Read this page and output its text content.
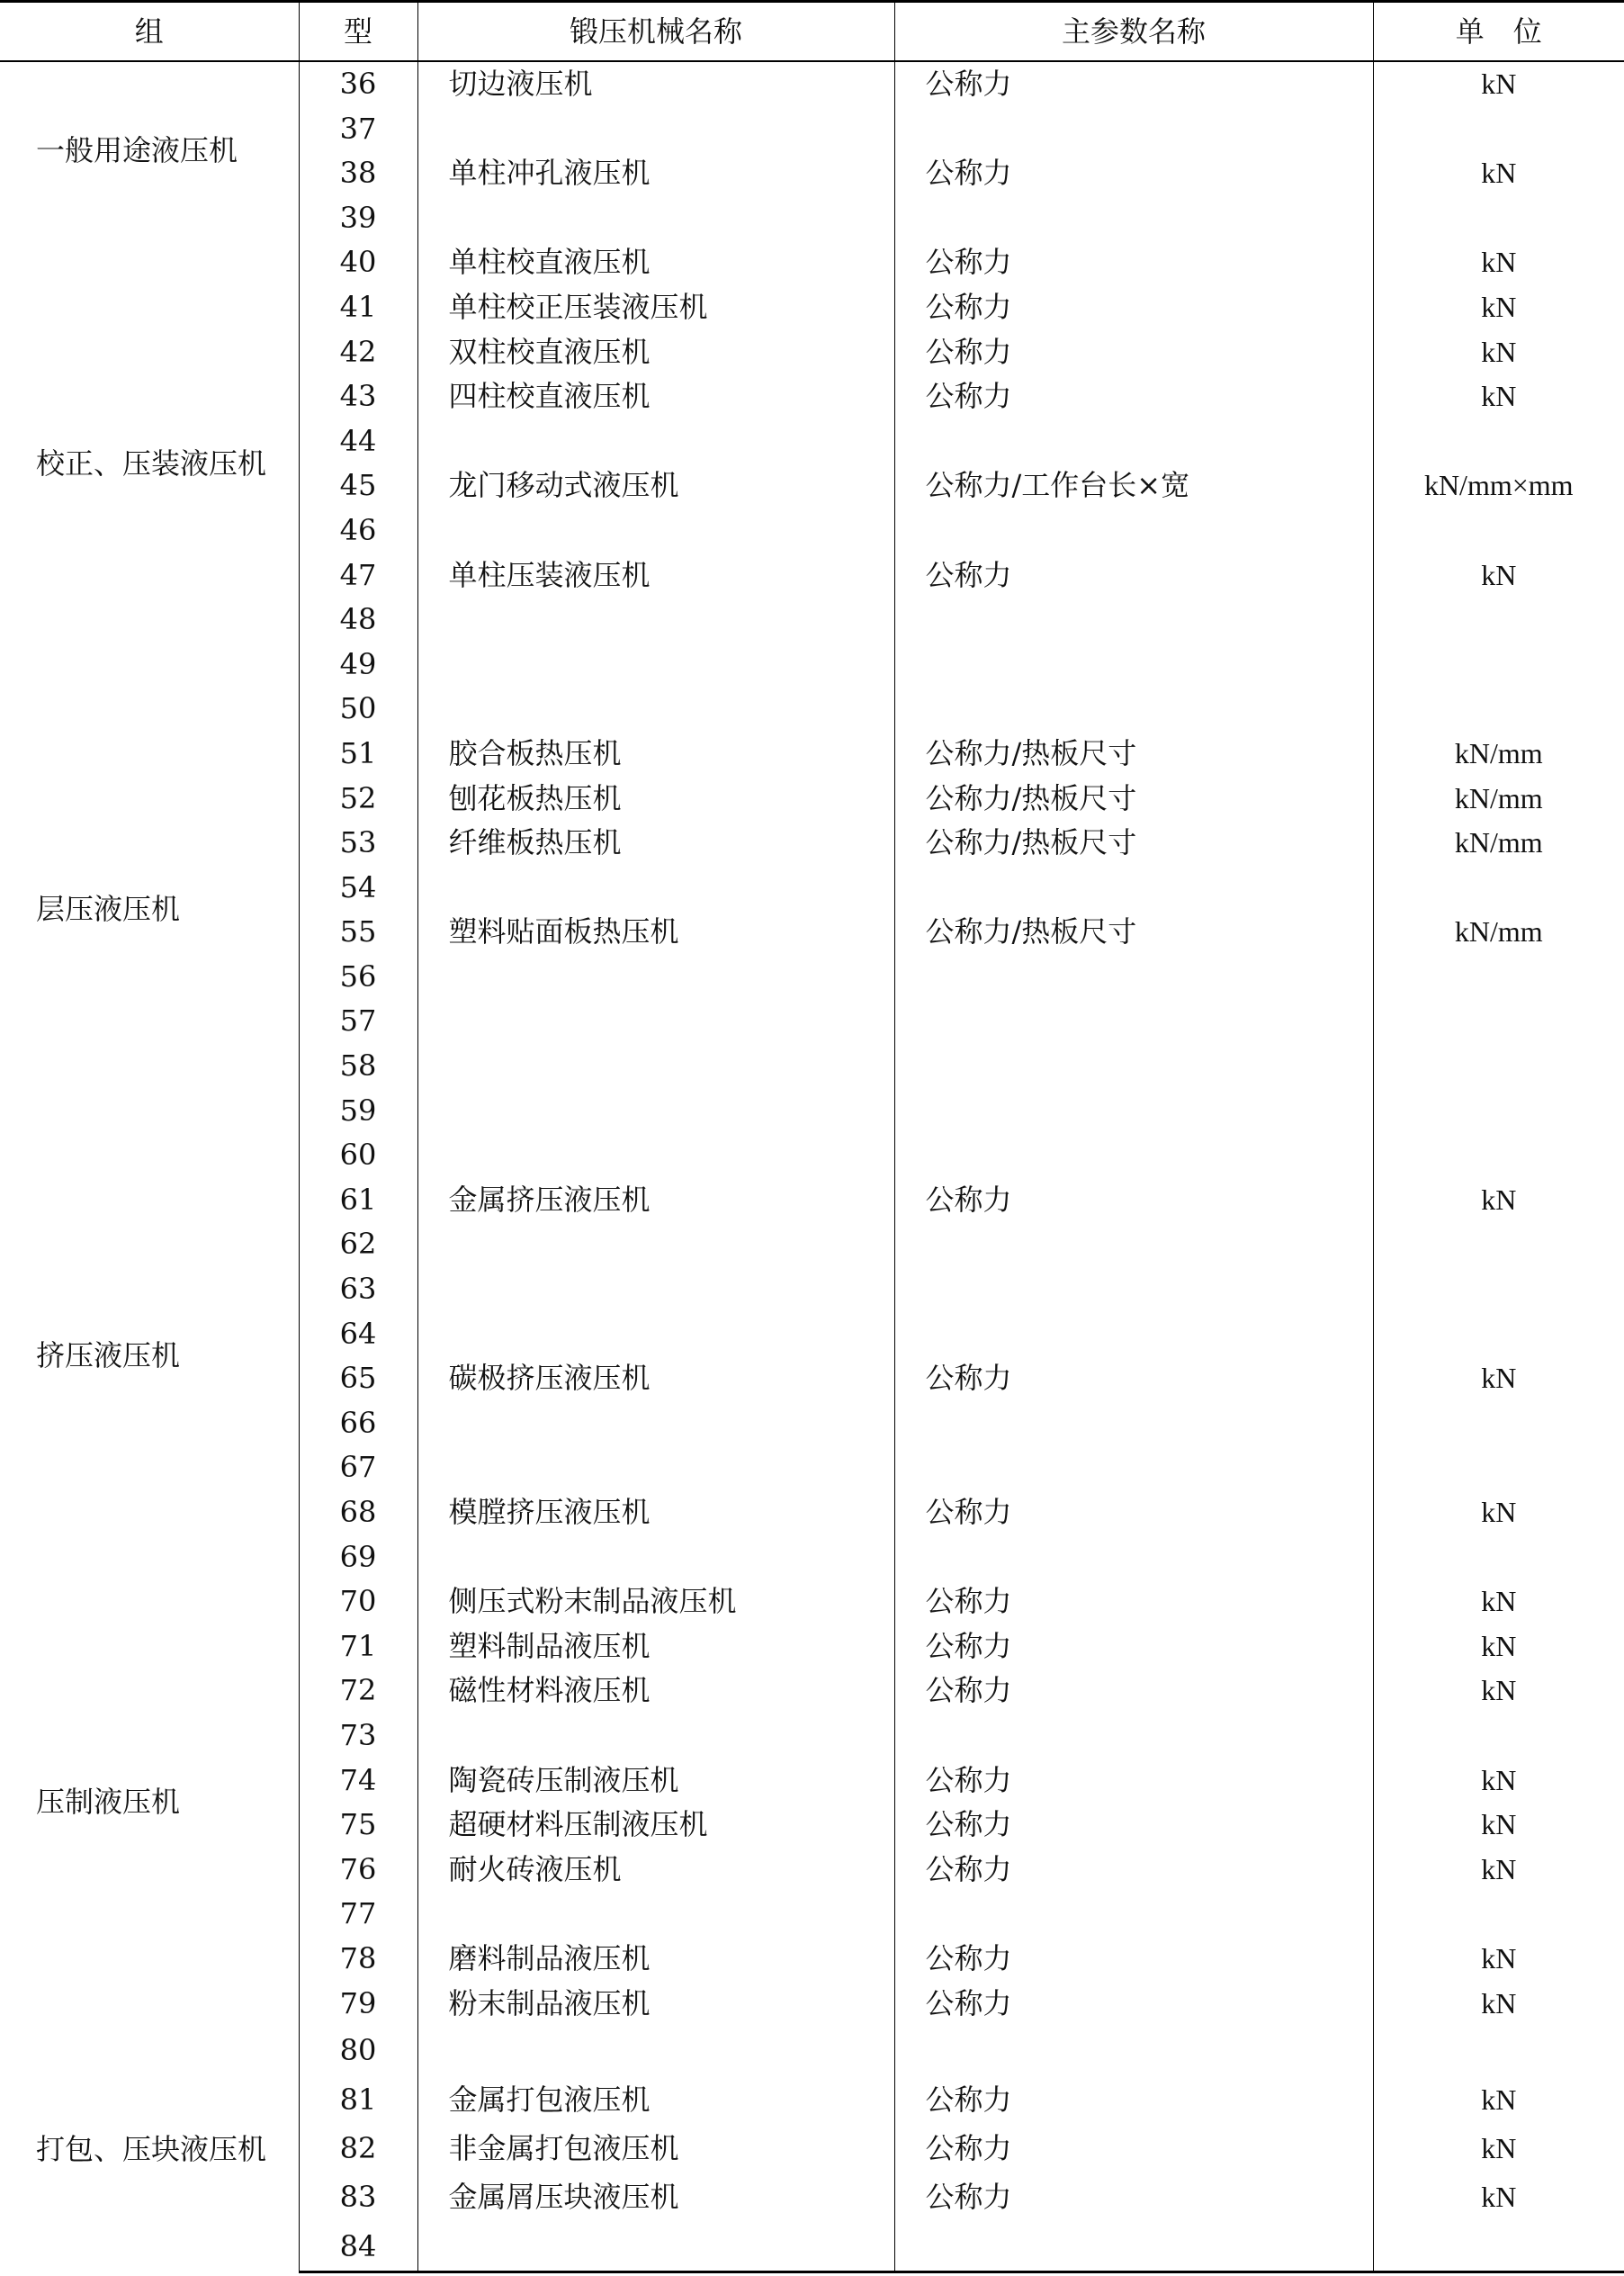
组	型	锻压机械名称	主参数名称	单　位
一般用途液压机	36	切边液压机	公称力	kN
	37			
	38	单柱冲孔液压机	公称力	kN
	39			
校正、压装液压机	40	单柱校直液压机	公称力	kN
	41	单柱校正压装液压机	公称力	kN
	42	双柱校直液压机	公称力	kN
	43	四柱校直液压机	公称力	kN
	44			
	45	龙门移动式液压机	公称力/工作台长×宽	kN/mm×mm
	46			
	47	单柱压装液压机	公称力	kN
	48			
	49			
层压液压机	50			
	51	胶合板热压机	公称力/热板尺寸	kN/mm
	52	刨花板热压机	公称力/热板尺寸	kN/mm
	53	纤维板热压机	公称力/热板尺寸	kN/mm
	54			
	55	塑料贴面板热压机	公称力/热板尺寸	kN/mm
	56			
	57			
	58			
	59			
挤压液压机	60			
	61	金属挤压液压机	公称力	kN
	62			
	63			
	64			
	65	碳极挤压液压机	公称力	kN
	66			
	67			
	68	模膛挤压液压机	公称力	kN
	69			
压制液压机	70	侧压式粉末制品液压机	公称力	kN
	71	塑料制品液压机	公称力	kN
	72	磁性材料液压机	公称力	kN
	73			
	74	陶瓷砖压制液压机	公称力	kN
	75	超硬材料压制液压机	公称力	kN
	76	耐火砖液压机	公称力	kN
	77			
	78	磨料制品液压机	公称力	kN
	79	粉末制品液压机	公称力	kN
打包、压块液压机	80			
	81	金属打包液压机	公称力	kN
	82	非金属打包液压机	公称力	kN
	83	金属屑压块液压机	公称力	kN
	84			
